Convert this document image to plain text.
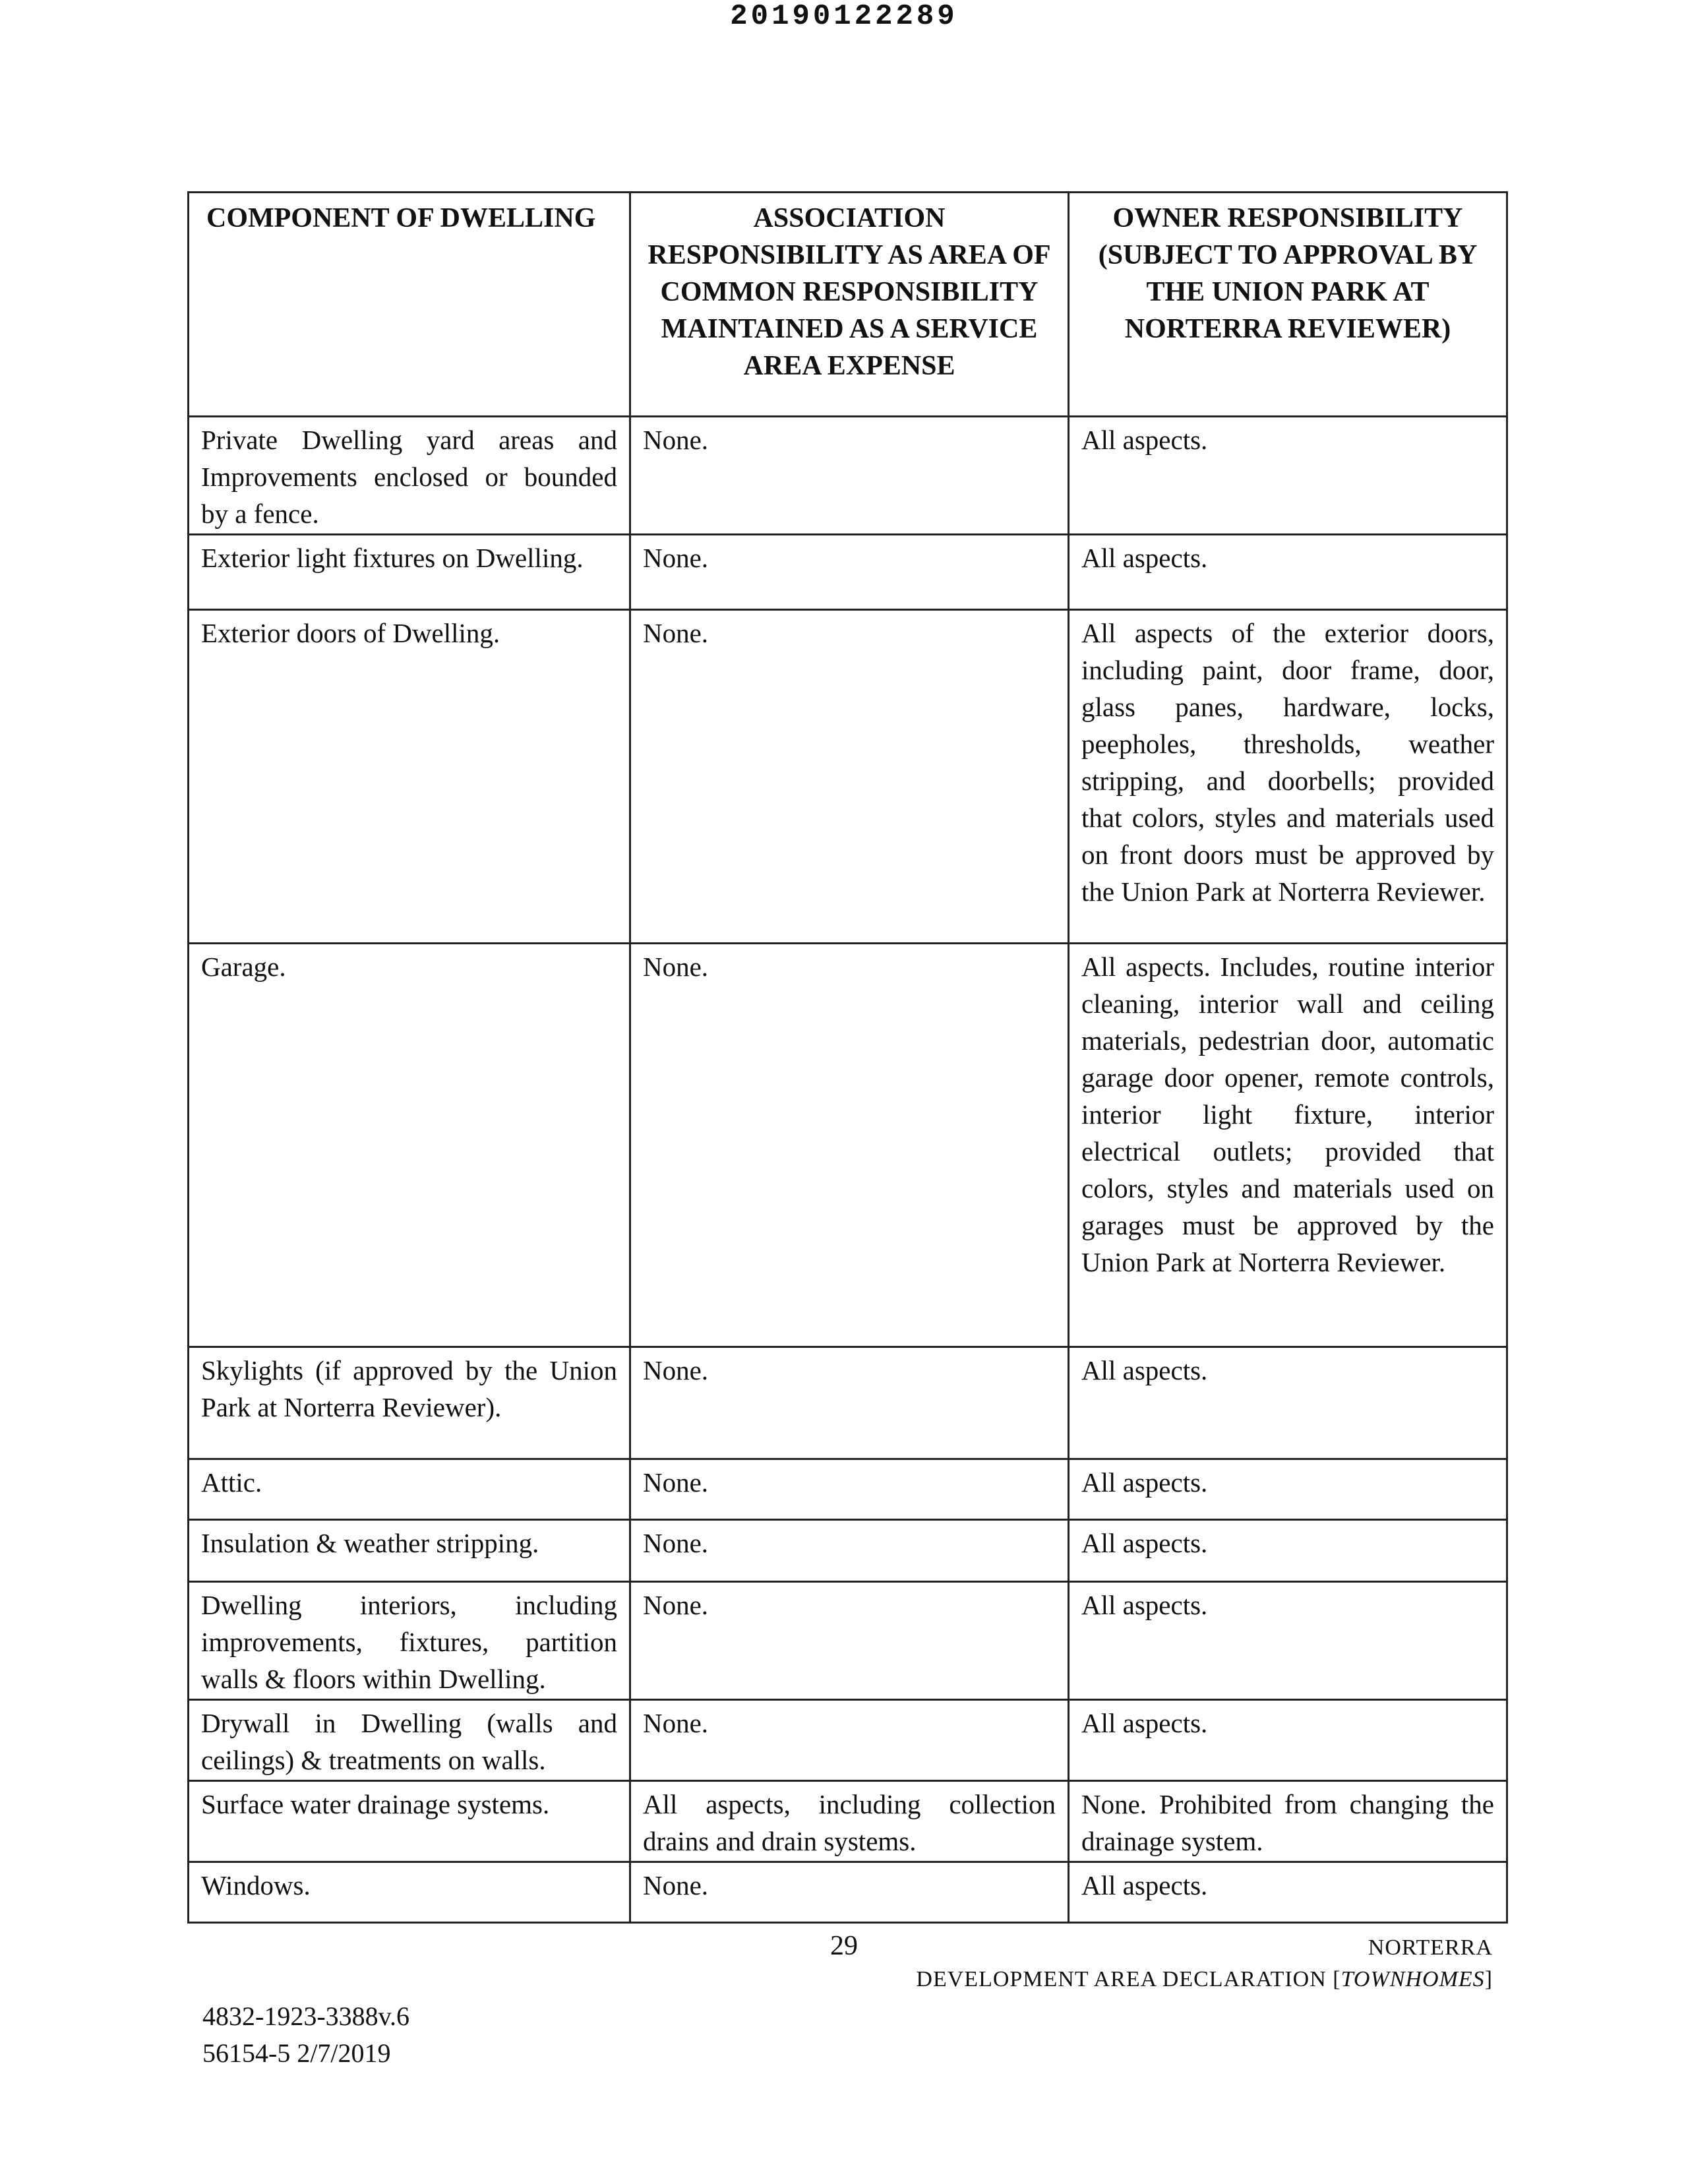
20190122289
COMPONENT OF DWELLING	ASSOCIATION RESPONSIBILITY AS AREA OF COMMON RESPONSIBILITY MAINTAINED AS A SERVICE AREA EXPENSE	OWNER RESPONSIBILITY (SUBJECT TO APPROVAL BY THE UNION PARK AT NORTERRA REVIEWER)
Private Dwelling yard areas and Improvements enclosed or bounded by a fence.	None.	All aspects.
Exterior light fixtures on Dwelling.	None.	All aspects.
Exterior doors of Dwelling.	None.	All aspects of the exterior doors, including paint, door frame, door, glass panes, hardware, locks, peepholes, thresholds, weather stripping, and doorbells; provided that colors, styles and materials used on front doors must be approved by the Union Park at Norterra Reviewer.
Garage.	None.	All aspects. Includes, routine interior cleaning, interior wall and ceiling materials, pedestrian door, automatic garage door opener, remote controls, interior light fixture, interior electrical outlets; provided that colors, styles and materials used on garages must be approved by the Union Park at Norterra Reviewer.
Skylights (if approved by the Union Park at Norterra Reviewer).	None.	All aspects.
Attic.	None.	All aspects.
Insulation & weather stripping.	None.	All aspects.
Dwelling interiors, including improvements, fixtures, partition walls & floors within Dwelling.	None.	All aspects.
Drywall in Dwelling (walls and ceilings) & treatments on walls.	None.	All aspects.
Surface water drainage systems.	All aspects, including collection drains and drain systems.	None. Prohibited from changing the drainage system.
Windows.	None.	All aspects.
29	NORTERRA
DEVELOPMENT AREA DECLARATION [TOWNHOMES]
4832-1923-3388v.6
56154-5 2/7/2019
